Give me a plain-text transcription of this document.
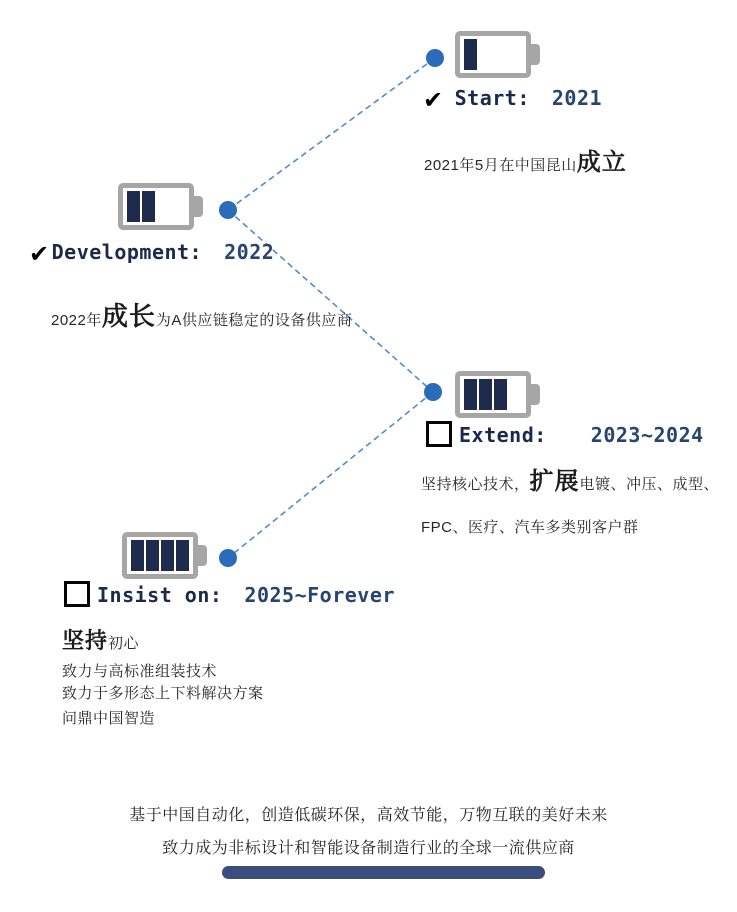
✔ Start: 2021
2021年5月在中国昆山成立
✔ Development: 2022
2022年成长为A供应链稳定的设备供应商
Extend: 2023~2024
坚持核心技术，扩展电镀、冲压、成型、FPC、医疗、汽车多类别客户群
Insist on: 2025~Forever
坚持初心
致力与高标准组装技术
致力于多形态上下料解决方案
问鼎中国智造
基于中国自动化，创造低碳环保，高效节能，万物互联的美好未来
致力成为非标设计和智能设备制造行业的全球一流供应商
